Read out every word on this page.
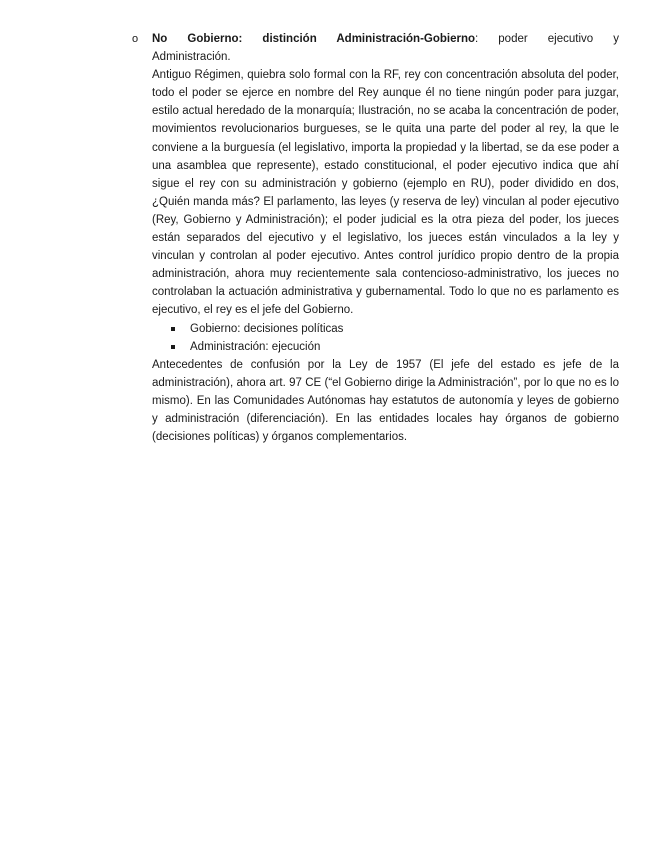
o No Gobierno: distinción Administración-Gobierno: poder ejecutivo y

Administración.

Antiguo Régimen, quiebra solo formal con la RF, rey con concentración absoluta del poder, todo el poder se ejerce en nombre del Rey aunque él no tiene ningún poder para juzgar, estilo actual heredado de la monarquía; Ilustración, no se acaba la concentración de poder, movimientos revolucionarios burgueses, se le quita una parte del poder al rey, la que le conviene a la burguesía (el legislativo, importa la propiedad y la libertad, se da ese poder a una asamblea que represente), estado constitucional, el poder ejecutivo indica que ahí sigue el rey con su administración y gobierno (ejemplo en RU), poder dividido en dos, ¿Quién manda más? El parlamento, las leyes (y reserva de ley) vinculan al poder ejecutivo (Rey, Gobierno y Administración); el poder judicial es la otra pieza del poder, los jueces están separados del ejecutivo y el legislativo, los jueces están vinculados a la ley y vinculan y controlan al poder ejecutivo. Antes control jurídico propio dentro de la propia administración, ahora muy recientemente sala contencioso-administrativo, los jueces no controlaban la actuación administrativa y gubernamental. Todo lo que no es parlamento es ejecutivo, el rey es el jefe del Gobierno.

Gobierno: decisiones políticas
Administración: ejecución

Antecedentes de confusión por la Ley de 1957 (El jefe del estado es jefe de la administración), ahora art. 97 CE (“el Gobierno dirige la Administración”, por lo que no es lo mismo). En las Comunidades Autónomas hay estatutos de autonomía y leyes de gobierno y administración (diferenciación). En las entidades locales hay órganos de gobierno (decisiones políticas) y órganos complementarios.
